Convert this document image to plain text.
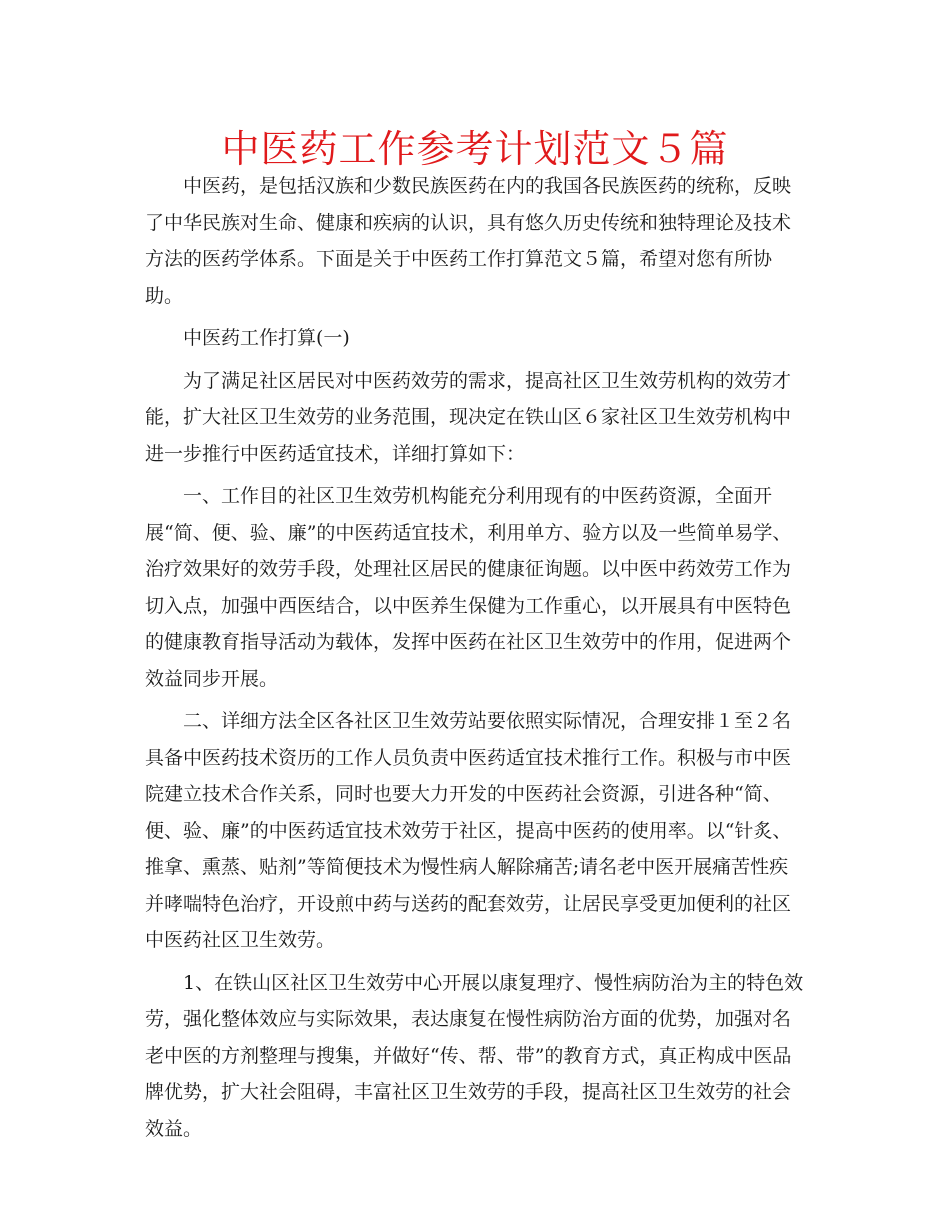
中医药工作参考计划范文５篇

中医药，是包括汉族和少数民族医药在内的我国各民族医药的统称，反映了中华民族对生命、健康和疾病的认识，具有悠久历史传统和独特理论及技术方法的医药学体系。下面是关于中医药工作打算范文５篇，希望对您有所协助。

中医药工作打算(一)

为了满足社区居民对中医药效劳的需求，提高社区卫生效劳机构的效劳才能，扩大社区卫生效劳的业务范围，现决定在铁山区６家社区卫生效劳机构中进一步推行中医药适宜技术，详细打算如下：

一、工作目的社区卫生效劳机构能充分利用现有的中医药资源，全面开展“简、便、验、廉”的中医药适宜技术，利用单方、验方以及一些简单易学、治疗效果好的效劳手段，处理社区居民的健康征询题。以中医中药效劳工作为切入点，加强中西医结合，以中医养生保健为工作重心，以开展具有中医特色的健康教育指导活动为载体，发挥中医药在社区卫生效劳中的作用，促进两个效益同步开展。

二、详细方法全区各社区卫生效劳站要依照实际情况，合理安排１至２名具备中医药技术资历的工作人员负责中医药适宜技术推行工作。积极与市中医院建立技术合作关系，同时也要大力开发的中医药社会资源，引进各种“简、便、验、廉”的中医药适宜技术效劳于社区，提高中医药的使用率。以“针炙、推拿、熏蒸、贴剂”等简便技术为慢性病人解除痛苦;请名老中医开展痛苦性疾并哮喘特色治疗，开设煎中药与送药的配套效劳，让居民享受更加便利的社区中医药社区卫生效劳。

1、在铁山区社区卫生效劳中心开展以康复理疗、慢性病防治为主的特色效劳，强化整体效应与实际效果，表达康复在慢性病防治方面的优势，加强对名老中医的方剂整理与搜集，并做好“传、帮、带”的教育方式，真正构成中医品牌优势，扩大社会阻碍，丰富社区卫生效劳的手段，提高社区卫生效劳的社会效益。
